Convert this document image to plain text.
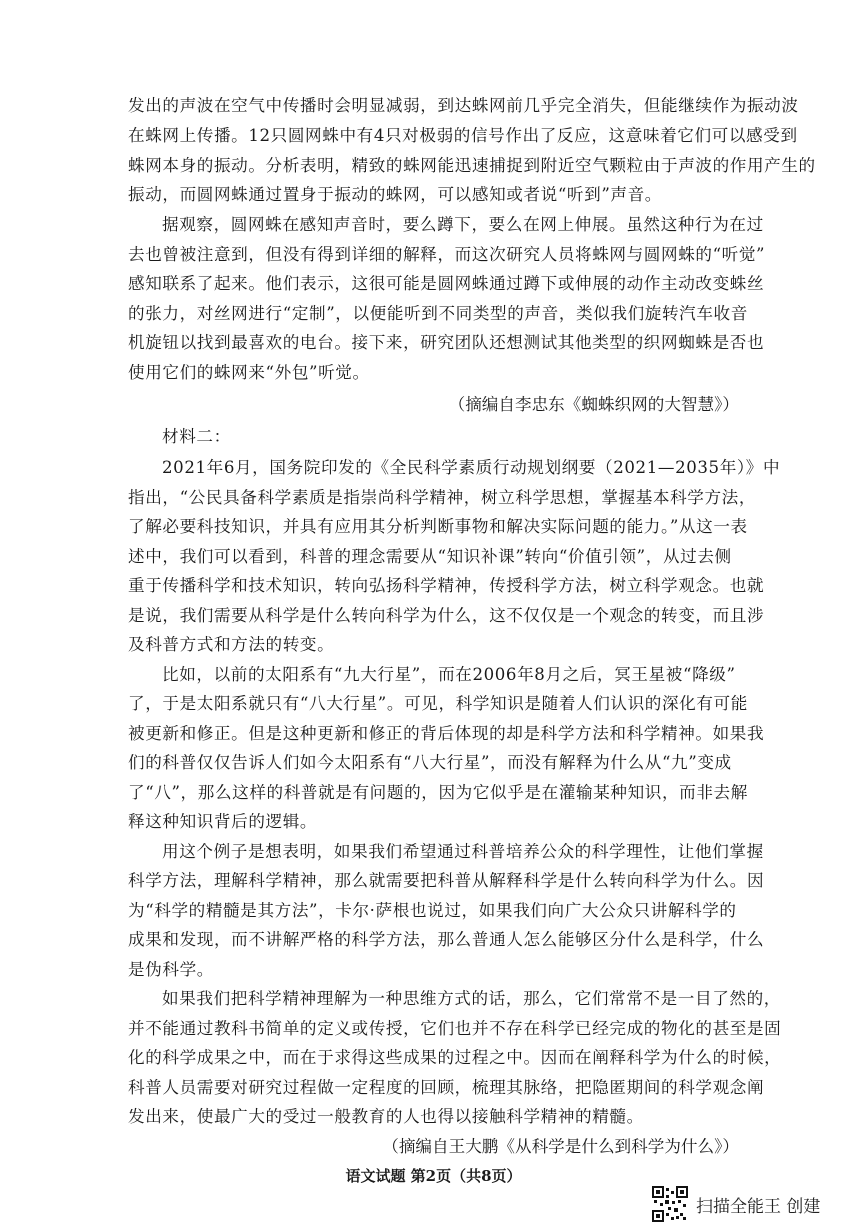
发出的声波在空气中传播时会明显减弱，到达蛛网前几乎完全消失，但能继续作为振动波
在蛛网上传播。12只圆网蛛中有4只对极弱的信号作出了反应，这意味着它们可以感受到
蛛网本身的振动。分析表明，精致的蛛网能迅速捕捉到附近空气颗粒由于声波的作用产生的
振动，而圆网蛛通过置身于振动的蛛网，可以感知或者说“听到”声音。
据观察，圆网蛛在感知声音时，要么蹲下，要么在网上伸展。虽然这种行为在过
去也曾被注意到，但没有得到详细的解释，而这次研究人员将蛛网与圆网蛛的“听觉”
感知联系了起来。他们表示，这很可能是圆网蛛通过蹲下或伸展的动作主动改变蛛丝
的张力，对丝网进行“定制”，以便能听到不同类型的声音，类似我们旋转汽车收音
机旋钮以找到最喜欢的电台。接下来，研究团队还想测试其他类型的织网蜘蛛是否也
使用它们的蛛网来“外包”听觉。
（摘编自李忠东《蜘蛛织网的大智慧》）
材料二：
2021年6月，国务院印发的《全民科学素质行动规划纲要（2021—2035年）》中
指出，“公民具备科学素质是指崇尚科学精神，树立科学思想，掌握基本科学方法，
了解必要科技知识，并具有应用其分析判断事物和解决实际问题的能力。”从这一表
述中，我们可以看到，科普的理念需要从“知识补课”转向“价值引领”，从过去侧
重于传播科学和技术知识，转向弘扬科学精神，传授科学方法，树立科学观念。也就
是说，我们需要从科学是什么转向科学为什么，这不仅仅是一个观念的转变，而且涉
及科普方式和方法的转变。
比如，以前的太阳系有“九大行星”，而在2006年8月之后，冥王星被“降级”
了，于是太阳系就只有“八大行星”。可见，科学知识是随着人们认识的深化有可能
被更新和修正。但是这种更新和修正的背后体现的却是科学方法和科学精神。如果我
们的科普仅仅告诉人们如今太阳系有“八大行星”，而没有解释为什么从“九”变成
了“八”，那么这样的科普就是有问题的，因为它似乎是在灌输某种知识，而非去解
释这种知识背后的逻辑。
用这个例子是想表明，如果我们希望通过科普培养公众的科学理性，让他们掌握
科学方法，理解科学精神，那么就需要把科普从解释科学是什么转向科学为什么。因
为“科学的精髓是其方法”，卡尔·萨根也说过，如果我们向广大公众只讲解科学的
成果和发现，而不讲解严格的科学方法，那么普通人怎么能够区分什么是科学，什么
是伪科学。
如果我们把科学精神理解为一种思维方式的话，那么，它们常常不是一目了然的，
并不能通过教科书简单的定义或传授，它们也并不存在科学已经完成的物化的甚至是固
化的科学成果之中，而在于求得这些成果的过程之中。因而在阐释科学为什么的时候，
科普人员需要对研究过程做一定程度的回顾，梳理其脉络，把隐匿期间的科学观念阐
发出来，使最广大的受过一般教育的人也得以接触科学精神的精髓。
（摘编自王大鹏《从科学是什么到科学为什么》）
语文试题 第2页（共8页）
扫描全能王 创建
